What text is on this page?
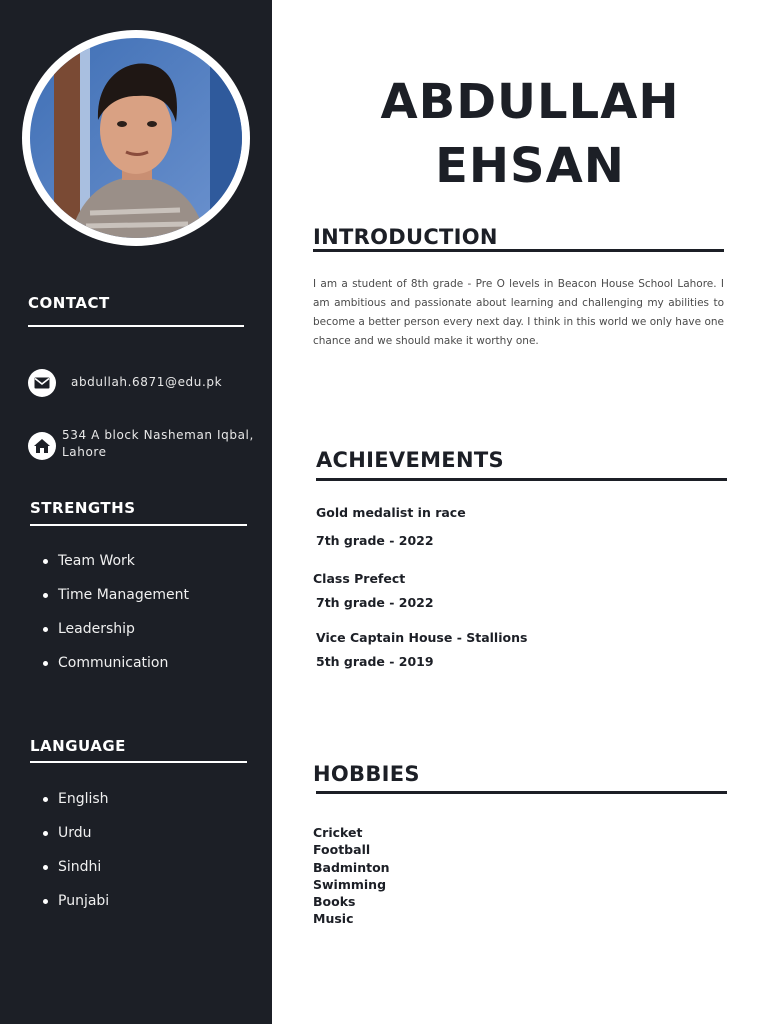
CONTACT
abdullah.6871@edu.pk
534 A block Nasheman Iqbal,
Lahore
STRENGTHS
Team Work
Time Management
Leadership
Communication
LANGUAGE
English
Urdu
Sindhi
Punjabi
ABDULLAH
EHSAN
INTRODUCTION

I am a student of 8th grade - Pre O levels in Beacon House School Lahore. I am ambitious and passionate about learning and challenging my abilities to become a better person every next day. I think in this world we only have one chance and we should make it worthy one.

ACHIEVEMENTS
Gold medalist in race
7th grade - 2022
Class Prefect
7th grade - 2022
Vice Captain House - Stallions
5th grade - 2019
HOBBIES
Cricket
Football
Badminton
Swimming
Books
Music
